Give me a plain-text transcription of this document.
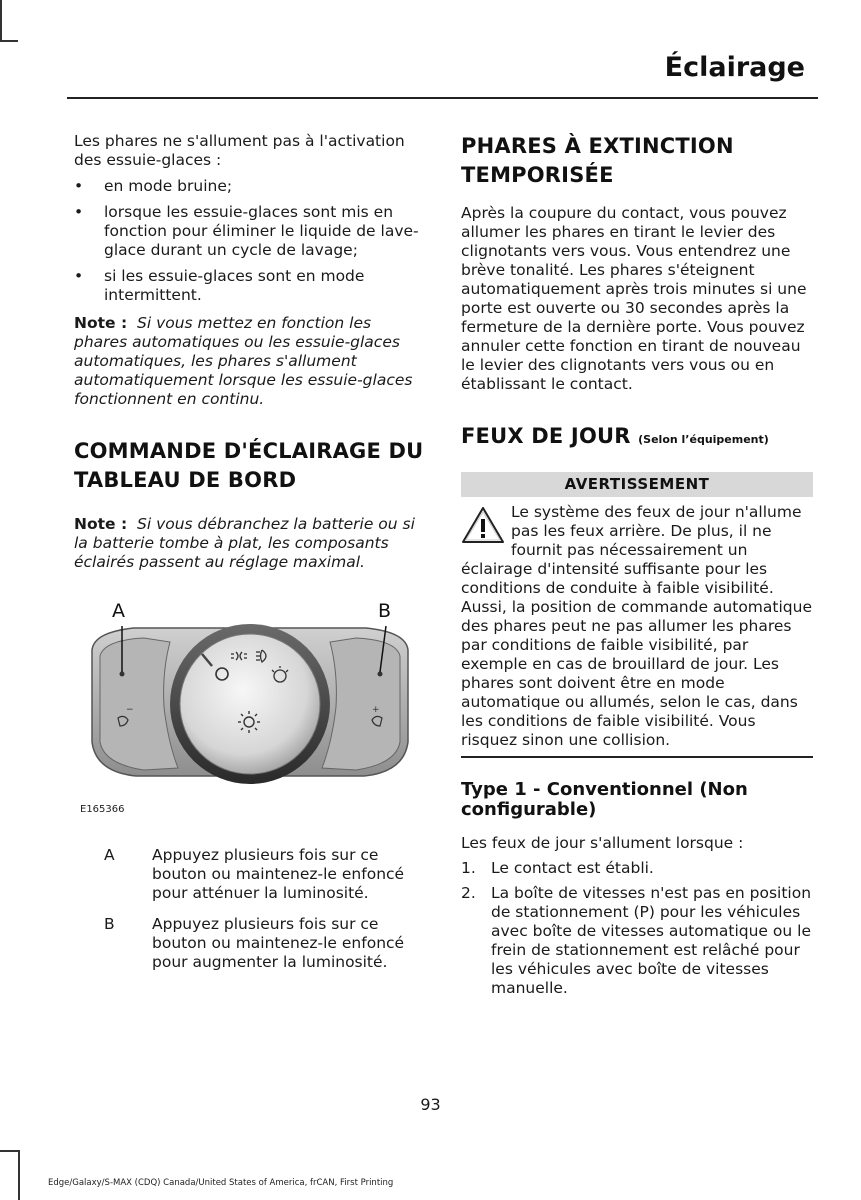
Éclairage

Les phares ne s'allument pas à l'activation des essuie-glaces :

• en mode bruine;
• lorsque les essuie-glaces sont mis en fonction pour éliminer le liquide de lave-glace durant un cycle de lavage;
• si les essuie-glaces sont en mode intermittent.

Note : Si vous mettez en fonction les phares automatiques ou les essuie-glaces automatiques, les phares s'allument automatiquement lorsque les essuie-glaces fonctionnent en continu.

COMMANDE D'ÉCLAIRAGE DU TABLEAU DE BORD

Note : Si vous débranchez la batterie ou si la batterie tombe à plat, les composants éclairés passent au réglage maximal.

A	B
−	+
E165366
A Appuyez plusieurs fois sur ce bouton ou maintenez-le enfoncé pour atténuer la luminosité.
B Appuyez plusieurs fois sur ce bouton ou maintenez-le enfoncé pour augmenter la luminosité.
PHARES À EXTINCTION TEMPORISÉE

Après la coupure du contact, vous pouvez allumer les phares en tirant le levier des clignotants vers vous. Vous entendrez une brève tonalité. Les phares s'éteignent automatiquement après trois minutes si une porte est ouverte ou 30 secondes après la fermeture de la dernière porte. Vous pouvez annuler cette fonction en tirant de nouveau le levier des clignotants vers vous ou en établissant le contact.

FEUX DE JOUR (Selon l’équipement)
AVERTISSEMENT
Le système des feux de jour n'allume pas les feux arrière. De plus, il ne fournit pas nécessairement un éclairage d'intensité suffisante pour les conditions de conduite à faible visibilité. Aussi, la position de commande automatique des phares peut ne pas allumer les phares par conditions de faible visibilité, par exemple en cas de brouillard de jour. Les phares sont doivent être en mode automatique ou allumés, selon le cas, dans les conditions de faible visibilité. Vous risquez sinon une collision.
Type 1 - Conventionnel (Non configurable)

Les feux de jour s'allument lorsque :

1. Le contact est établi.
2. La boîte de vitesses n'est pas en position de stationnement (P) pour les véhicules avec boîte de vitesses automatique ou le frein de stationnement est relâché pour les véhicules avec boîte de vitesses manuelle.
93
Edge/Galaxy/S-MAX (CDQ) Canada/United States of America, frCAN, First Printing
